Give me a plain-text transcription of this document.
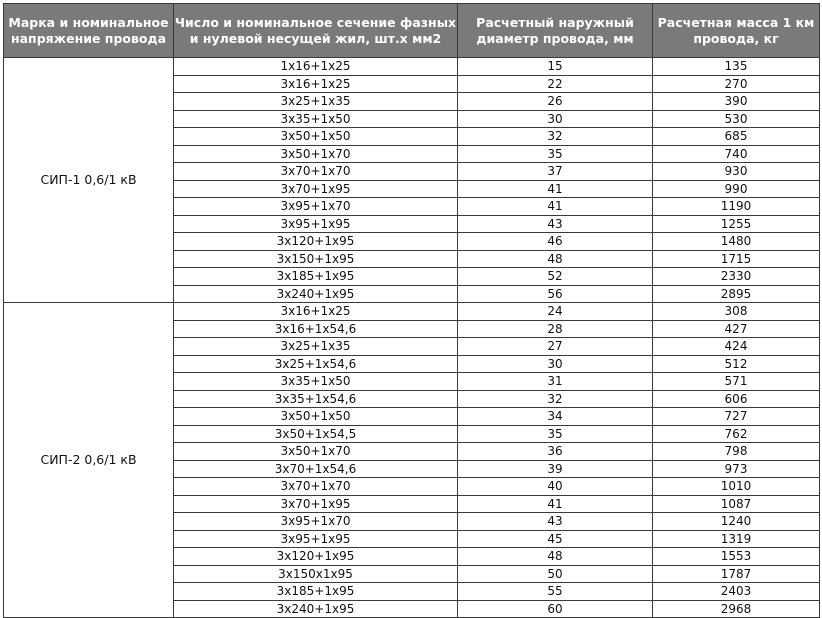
Марка и номинальное напряжение провода	Число и номинальное сечение фазных и нулевой несущей жил, шт.х мм2	Расчетный наружный диаметр провода, мм	Расчетная масса 1 км провода, кг
СИП-1 0,6/1 кВ	1x16+1x25	15	135
	3x16+1x25	22	270
	3x25+1x35	26	390
	3x35+1x50	30	530
	3x50+1x50	32	685
	3x50+1x70	35	740
	3x70+1x70	37	930
	3x70+1x95	41	990
	3x95+1x70	41	1190
	3x95+1x95	43	1255
	3x120+1x95	46	1480
	3x150+1x95	48	1715
	3x185+1x95	52	2330
	3x240+1x95	56	2895
СИП-2 0,6/1 кВ	3x16+1x25	24	308
	3x16+1x54,6	28	427
	3x25+1x35	27	424
	3x25+1x54,6	30	512
	3x35+1x50	31	571
	3x35+1x54,6	32	606
	3x50+1x50	34	727
	3x50+1x54,5	35	762
	3x50+1x70	36	798
	3x70+1x54,6	39	973
	3x70+1x70	40	1010
	3x70+1x95	41	1087
	3x95+1x70	43	1240
	3x95+1x95	45	1319
	3x120+1x95	48	1553
	3x150x1x95	50	1787
	3x185+1x95	55	2403
	3x240+1x95	60	2968
